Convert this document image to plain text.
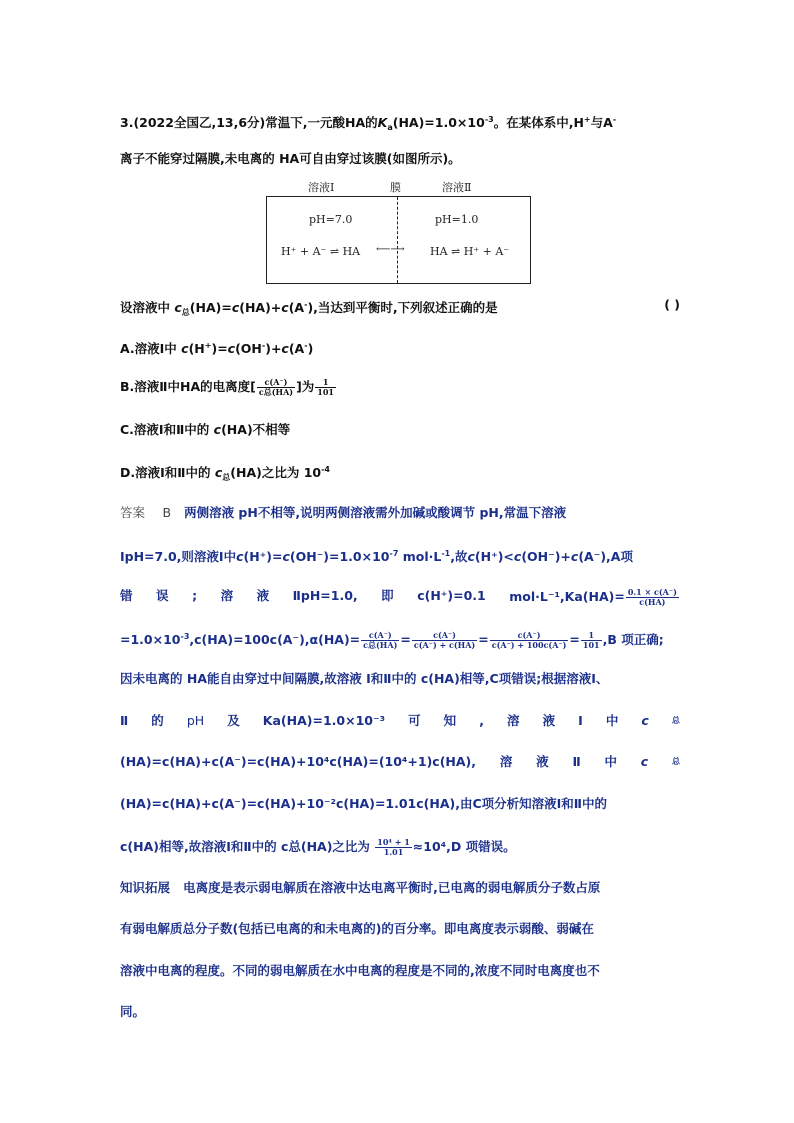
3.(2022全国乙,13,6分)常温下,一元酸HA的$K_a(HA)=1.0\times 10^{-3}$。在某体系中,H+与A-
离子不能穿过隔膜,未电离的 HA可自由穿过该膜(如图所示)。
溶液Ⅰ	膜	溶液Ⅱ
pH=7.0	pH=1.0
H⁺ + A⁻ ⇌ HA ⟵⟶ HA ⇌ H⁺ + A⁻
设溶液中 $c_总(HA)=c(HA)+c(A^-)$,当达到平衡时,下列叙述正确的是	( )
A.溶液Ⅰ中 c(H+)=c(OH-)+c(A-)
B.溶液Ⅱ中HA的电离度[ $\frac{c(A^-)}{\text{c总(HA)}}$ ]为 $\frac{1}{101}$
C.溶液Ⅰ和Ⅱ中的 c(HA)不相等
D.溶液Ⅰ和Ⅱ中的 $c_总(HA)$之比为 $10^{-4}$
答案 B 两侧溶液 pH不相等,说明两侧溶液需外加碱或酸调节 pH,常温下溶液
ⅠpH=7.0,则溶液Ⅰ中$c(H^+)=c(OH^-)=1.0\times 10^{-7}$ $mol\cdot L^{-1}$,故c(H⁺)<c(OH⁻)+c(A⁻),A项
错 误 ; 溶 液 ⅡpH=1.0, 即 c(H⁺)=0.1 $mol\cdot L^{-1},Ka(HA)= \frac{0.1 \times c(A^-)}{c(HA)}$
$=1.0\times 10^{-3},c(HA)=100c(A^-),\alpha(HA)= \frac{c(A^-)}{\text{c总(HA)}} = \frac{c(A^-)}{c(A^-) + c(HA)} = \frac{c(A^-)}{c(A^-) + 100c(A^-)} = \frac{1}{101} ,B$ 项正确;
因未电离的 HA能自由穿过中间隔膜,故溶液 Ⅰ和Ⅱ中的 c(HA)相等,C项错误;根据溶液Ⅰ、
Ⅱ 的 pH 及 Ka(HA)=1.0×10⁻³ 可 知 , 溶 液 Ⅰ 中 c	总
(HA)=c(HA)+c(A⁻)=c(HA)+10⁴c(HA)=(10⁴+1)c(HA), 溶 液 Ⅱ 中 c	总
(HA)=c(HA)+c(A⁻)=c(HA)+10⁻²c(HA)=1.01c(HA),由C项分析知溶液Ⅰ和Ⅱ中的
c(HA)相等,故溶液Ⅰ和Ⅱ中的 c总(HA)之比为 $\frac{\text{10⁴ + 1}}{1.01} \approx 10^4,D$ 项错误。
知识拓展 电离度是表示弱电解质在溶液中达电离平衡时,已电离的弱电解质分子数占原
有弱电解质总分子数(包括已电离的和未电离的)的百分率。即电离度表示弱酸、弱碱在
溶液中电离的程度。不同的弱电解质在水中电离的程度是不同的,浓度不同时电离度也不
同。
